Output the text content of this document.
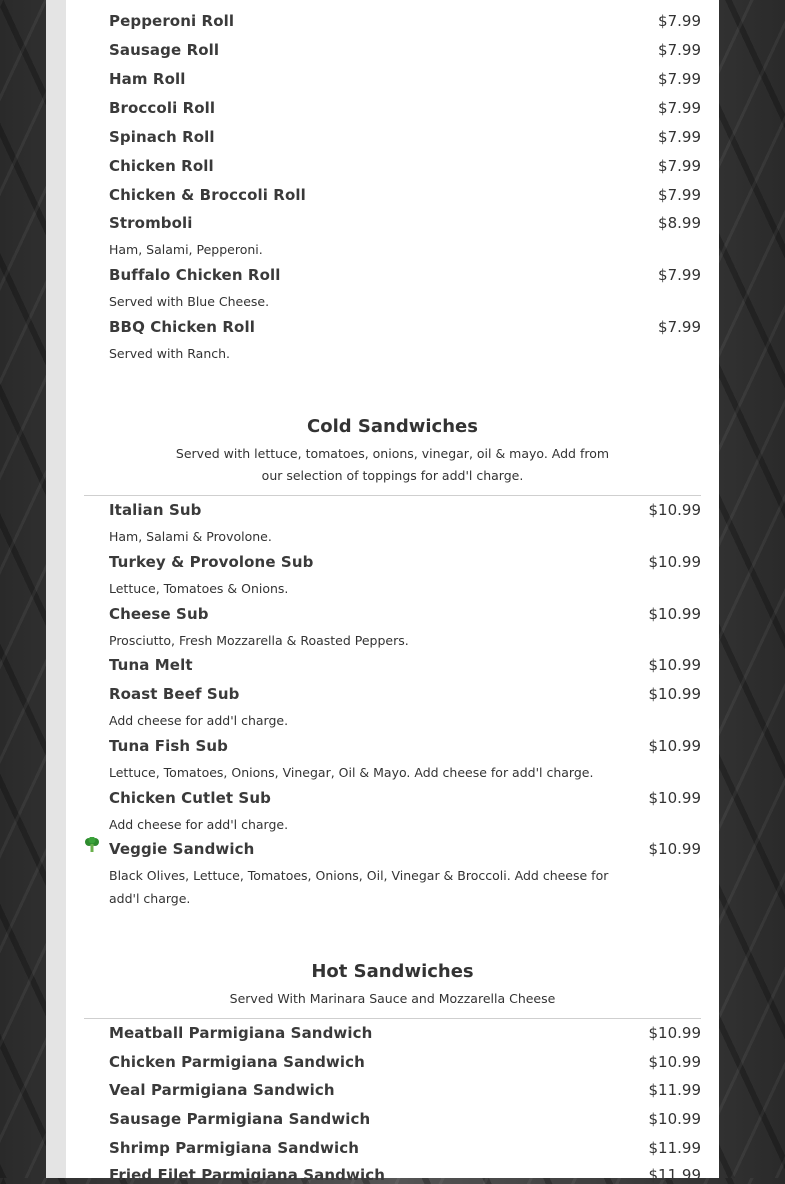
Pepperoni Roll	$7.99
Sausage Roll	$7.99
Ham Roll	$7.99
Broccoli Roll	$7.99
Spinach Roll	$7.99
Chicken Roll	$7.99
Chicken & Broccoli Roll	$7.99
Stromboli	$8.99
Ham, Salami, Pepperoni.
Buffalo Chicken Roll	$7.99
Served with Blue Cheese.
BBQ Chicken Roll	$7.99
Served with Ranch.
Cold Sandwiches
Served with lettuce, tomatoes, onions, vinegar, oil & mayo. Add from our selection of toppings for add'l charge.
Italian Sub	$10.99
Ham, Salami & Provolone.
Turkey & Provolone Sub	$10.99
Lettuce, Tomatoes & Onions.
Cheese Sub	$10.99
Prosciutto, Fresh Mozzarella & Roasted Peppers.
Tuna Melt	$10.99
Roast Beef Sub	$10.99
Add cheese for add'l charge.
Tuna Fish Sub	$10.99
Lettuce, Tomatoes, Onions, Vinegar, Oil & Mayo. Add cheese for add'l charge.
Chicken Cutlet Sub	$10.99
Add cheese for add'l charge.
Veggie Sandwich	$10.99
Black Olives, Lettuce, Tomatoes, Onions, Oil, Vinegar & Broccoli. Add cheese for add'l charge.
Hot Sandwiches
Served With Marinara Sauce and Mozzarella Cheese
Meatball Parmigiana Sandwich	$10.99
Chicken Parmigiana Sandwich	$10.99
Veal Parmigiana Sandwich	$11.99
Sausage Parmigiana Sandwich	$10.99
Shrimp Parmigiana Sandwich	$11.99
Fried Filet Parmigiana Sandwich	$11.99
